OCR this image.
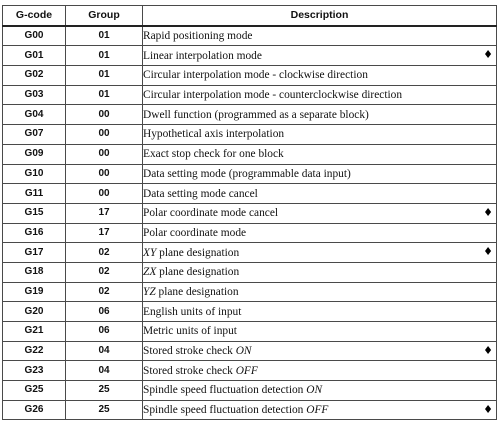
G-code	Group	Description
G00	01	Rapid positioning mode
G01	01	Linear interpolation mode ♦

G02	01	Circular interpolation mode - clockwise direction
G03	01	Circular interpolation mode - counterclockwise direction
G04	00	Dwell function (programmed as a separate block)
G07	00	Hypothetical axis interpolation
G09	00	Exact stop check for one block
G10	00	Data setting mode (programmable data input)
G11	00	Data setting mode cancel
G15	17	Polar coordinate mode cancel ♦

G16	17	Polar coordinate mode
G17	02	XY plane designation ♦

G18	02	ZX plane designation
G19	02	YZ plane designation
G20	06	English units of input
G21	06	Metric units of input
G22	04	Stored stroke check ON ♦

G23	04	Stored stroke check OFF
G25	25	Spindle speed fluctuation detection ON
G26	25	Spindle speed fluctuation detection OFF ♦
